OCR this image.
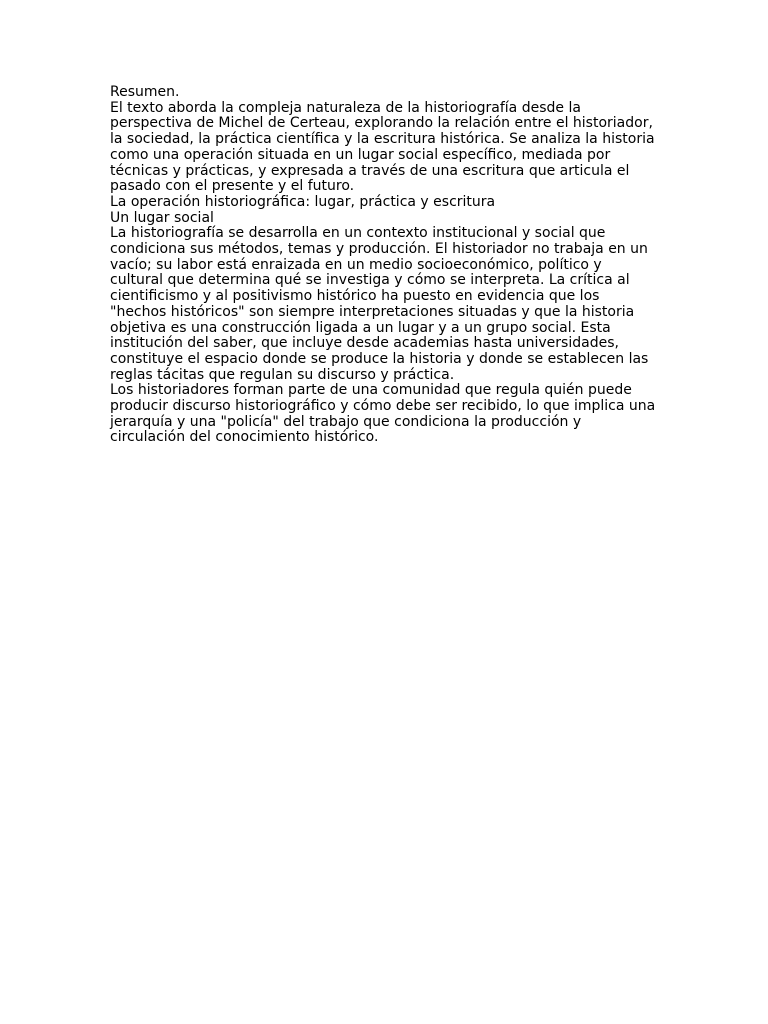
Resumen.

El texto aborda la compleja naturaleza de la historiografía desde la perspectiva de Michel de Certeau, explorando la relación entre el historiador, la sociedad, la práctica científica y la escritura histórica. Se analiza la historia como una operación situada en un lugar social específico, mediada por técnicas y prácticas, y expresada a través de una escritura que articula el pasado con el presente y el futuro.

La operación historiográfica: lugar, práctica y escritura

Un lugar social

La historiografía se desarrolla en un contexto institucional y social que condiciona sus métodos, temas y producción. El historiador no trabaja en un vacío; su labor está enraizada en un medio socioeconómico, político y cultural que determina qué se investiga y cómo se interpreta. La crítica al cientificismo y al positivismo histórico ha puesto en evidencia que los "hechos históricos" son siempre interpretaciones situadas y que la historia objetiva es una construcción ligada a un lugar y a un grupo social. Esta institución del saber, que incluye desde academias hasta universidades, constituye el espacio donde se produce la historia y donde se establecen las reglas tácitas que regulan su discurso y práctica.

Los historiadores forman parte de una comunidad que regula quién puede producir discurso historiográfico y cómo debe ser recibido, lo que implica una jerarquía y una "policía" del trabajo que condiciona la producción y circulación del conocimiento histórico.
